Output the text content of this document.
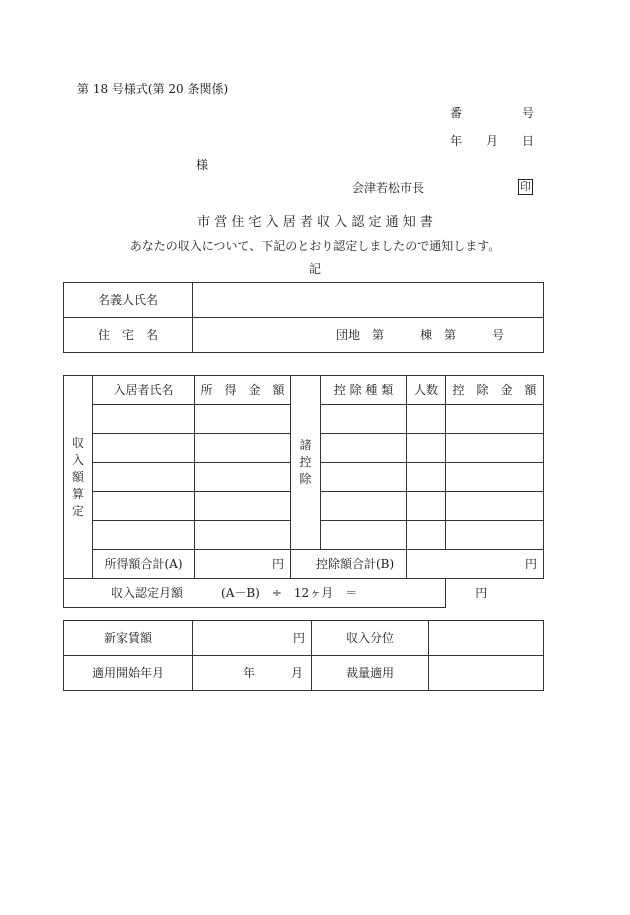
第 18 号様式(第 20 条関係)
番　　　　　号
年　　月　　日
様
会津若松市長	印
市 営 住 宅 入 居 者 収 入 認 定 通 知 書
あなたの収入について、下記のとおり認定しましたので通知します。
記
名義人氏名	
住　宅　名	団地　第　　　棟　第　　　号
収入額算定	入居者氏名	所　得　金　額	諸控除	控 除 種 類	人数	控　除　金　額

	所得額合計(A)	円	控除額合計(B)		円	
収入認定月額 (A－B)　÷　12ヶ月　＝ 円						
新家賃額	円	収入分位	
適用開始年月	年 月	裁量適用	
